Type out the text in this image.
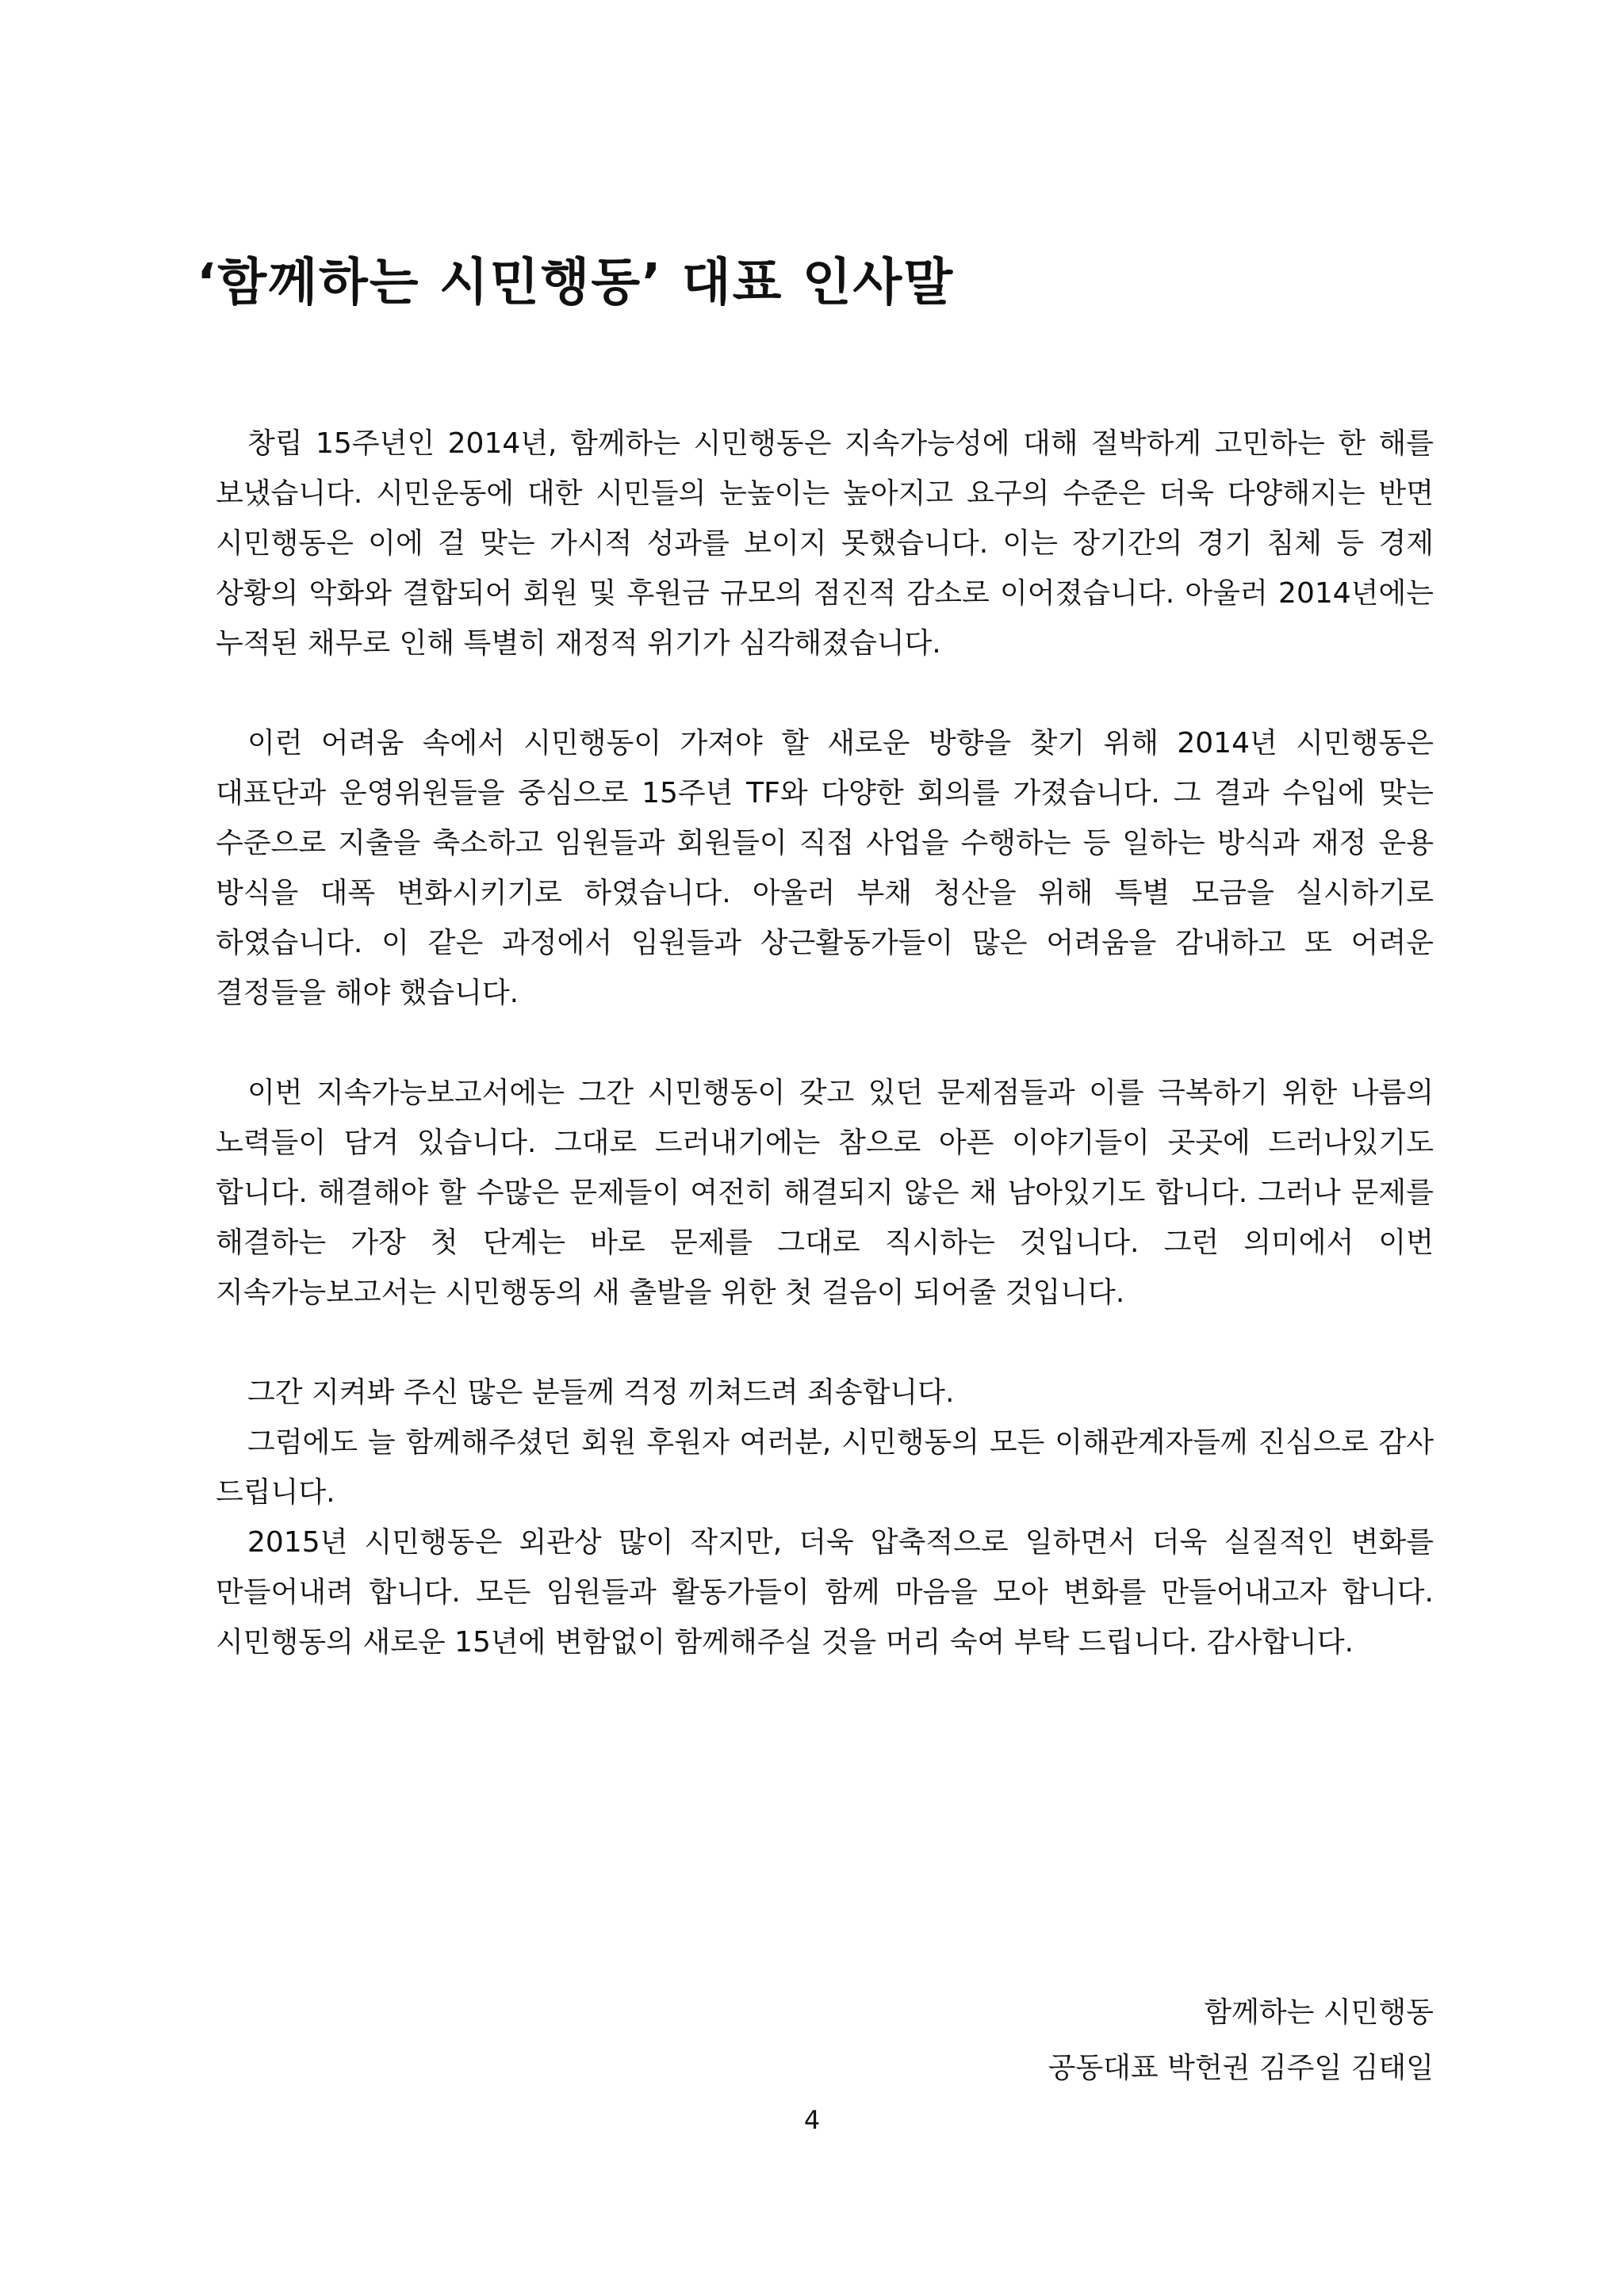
‘함께하는 시민행동’ 대표 인사말

창립 15주년인 2014년, 함께하는 시민행동은 지속가능성에 대해 절박하게 고민하는 한 해를 보냈습니다. 시민운동에 대한 시민들의 눈높이는 높아지고 요구의 수준은 더욱 다양해지는 반면 시민행동은 이에 걸 맞는 가시적 성과를 보이지 못했습니다. 이는 장기간의 경기 침체 등 경제 상황의 악화와 결합되어 회원 및 후원금 규모의 점진적 감소로 이어졌습니다. 아울러 2014년에는 누적된 채무로 인해 특별히 재정적 위기가 심각해졌습니다.

이런 어려움 속에서 시민행동이 가져야 할 새로운 방향을 찾기 위해 2014년 시민행동은 대표단과 운영위원들을 중심으로 15주년 TF와 다양한 회의를 가졌습니다. 그 결과 수입에 맞는 수준으로 지출을 축소하고 임원들과 회원들이 직접 사업을 수행하는 등 일하는 방식과 재정 운용 방식을 대폭 변화시키기로 하였습니다. 아울러 부채 청산을 위해 특별 모금을 실시하기로 하였습니다. 이 같은 과정에서 임원들과 상근활동가들이 많은 어려움을 감내하고 또 어려운 결정들을 해야 했습니다.

이번 지속가능보고서에는 그간 시민행동이 갖고 있던 문제점들과 이를 극복하기 위한 나름의 노력들이 담겨 있습니다. 그대로 드러내기에는 참으로 아픈 이야기들이 곳곳에 드러나있기도 합니다. 해결해야 할 수많은 문제들이 여전히 해결되지 않은 채 남아있기도 합니다. 그러나 문제를 해결하는 가장 첫 단계는 바로 문제를 그대로 직시하는 것입니다. 그런 의미에서 이번 지속가능보고서는 시민행동의 새 출발을 위한 첫 걸음이 되어줄 것입니다.

그간 지켜봐 주신 많은 분들께 걱정 끼쳐드려 죄송합니다.

그럼에도 늘 함께해주셨던 회원 후원자 여러분, 시민행동의 모든 이해관계자들께 진심으로 감사 드립니다.

2015년 시민행동은 외관상 많이 작지만, 더욱 압축적으로 일하면서 더욱 실질적인 변화를 만들어내려 합니다. 모든 임원들과 활동가들이 함께 마음을 모아 변화를 만들어내고자 합니다. 시민행동의 새로운 15년에 변함없이 함께해주실 것을 머리 숙여 부탁 드립니다. 감사합니다.

함께하는 시민행동
공동대표 박헌권 김주일 김태일
4
